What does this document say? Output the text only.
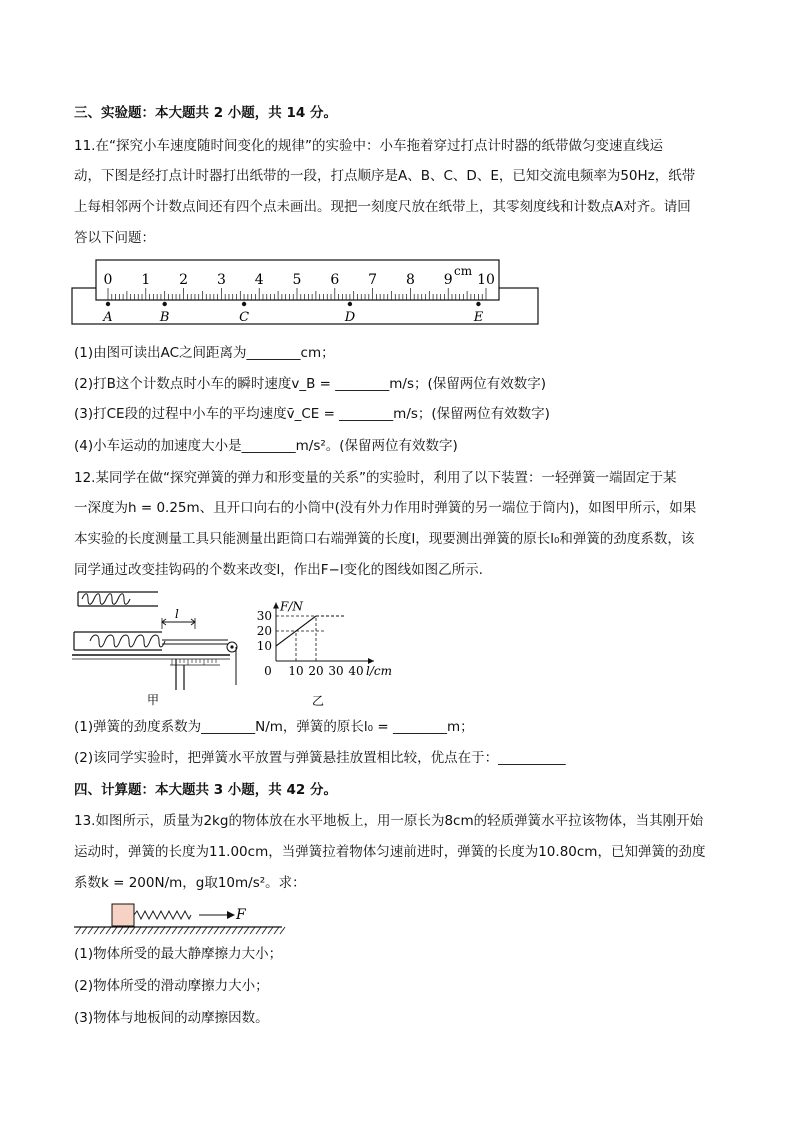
三、实验题：本大题共 2 小题，共 14 分。
11.在“探究小车速度随时间变化的规律”的实验中：小车拖着穿过打点计时器的纸带做匀变速直线运
动，下图是经打点计时器打出纸带的一段，打点顺序是A、B、C、D、E，已知交流电频率为50Hz，纸带
上每相邻两个计数点间还有四个点未画出。现把一刻度尺放在纸带上，其零刻度线和计数点A对齐。请回
答以下问题：
0 1 2 3 4 5 6 7 8 9 10
cm
A	B	C	D	E
(1)由图可读出AC之间距离为________cm；
(2)打B这个计数点时小车的瞬时速度v_B = ________m/s；(保留两位有效数字)
(3)打CE段的过程中小车的平均速度v̄_CE = ________m/s；(保留两位有效数字)
(4)小车运动的加速度大小是________m/s²。(保留两位有效数字)
12.某同学在做“探究弹簧的弹力和形变量的关系”的实验时，利用了以下装置：一轻弹簧一端固定于某
一深度为h = 0.25m、且开口向右的小筒中(没有外力作用时弹簧的另一端位于筒内)，如图甲所示，如果
本实验的长度测量工具只能测量出距筒口右端弹簧的长度l，现要测出弹簧的原长l₀和弹簧的劲度系数，该
同学通过改变挂钩码的个数来改变l，作出F−l变化的图线如图乙所示.
l
甲
F/N
l/cm
0 10 20 30 40
10
20
30
乙
(1)弹簧的劲度系数为________N/m，弹簧的原长l₀ = ________m；
(2)该同学实验时，把弹簧水平放置与弹簧悬挂放置相比较，优点在于：__________
四、计算题：本大题共 3 小题，共 42 分。
13.如图所示，质量为2kg的物体放在水平地板上，用一原长为8cm的轻质弹簧水平拉该物体，当其刚开始
运动时，弹簧的长度为11.00cm，当弹簧拉着物体匀速前进时，弹簧的长度为10.80cm，已知弹簧的劲度
系数k = 200N/m，g取10m/s²。求：
F
(1)物体所受的最大静摩擦力大小；
(2)物体所受的滑动摩擦力大小；
(3)物体与地板间的动摩擦因数。
